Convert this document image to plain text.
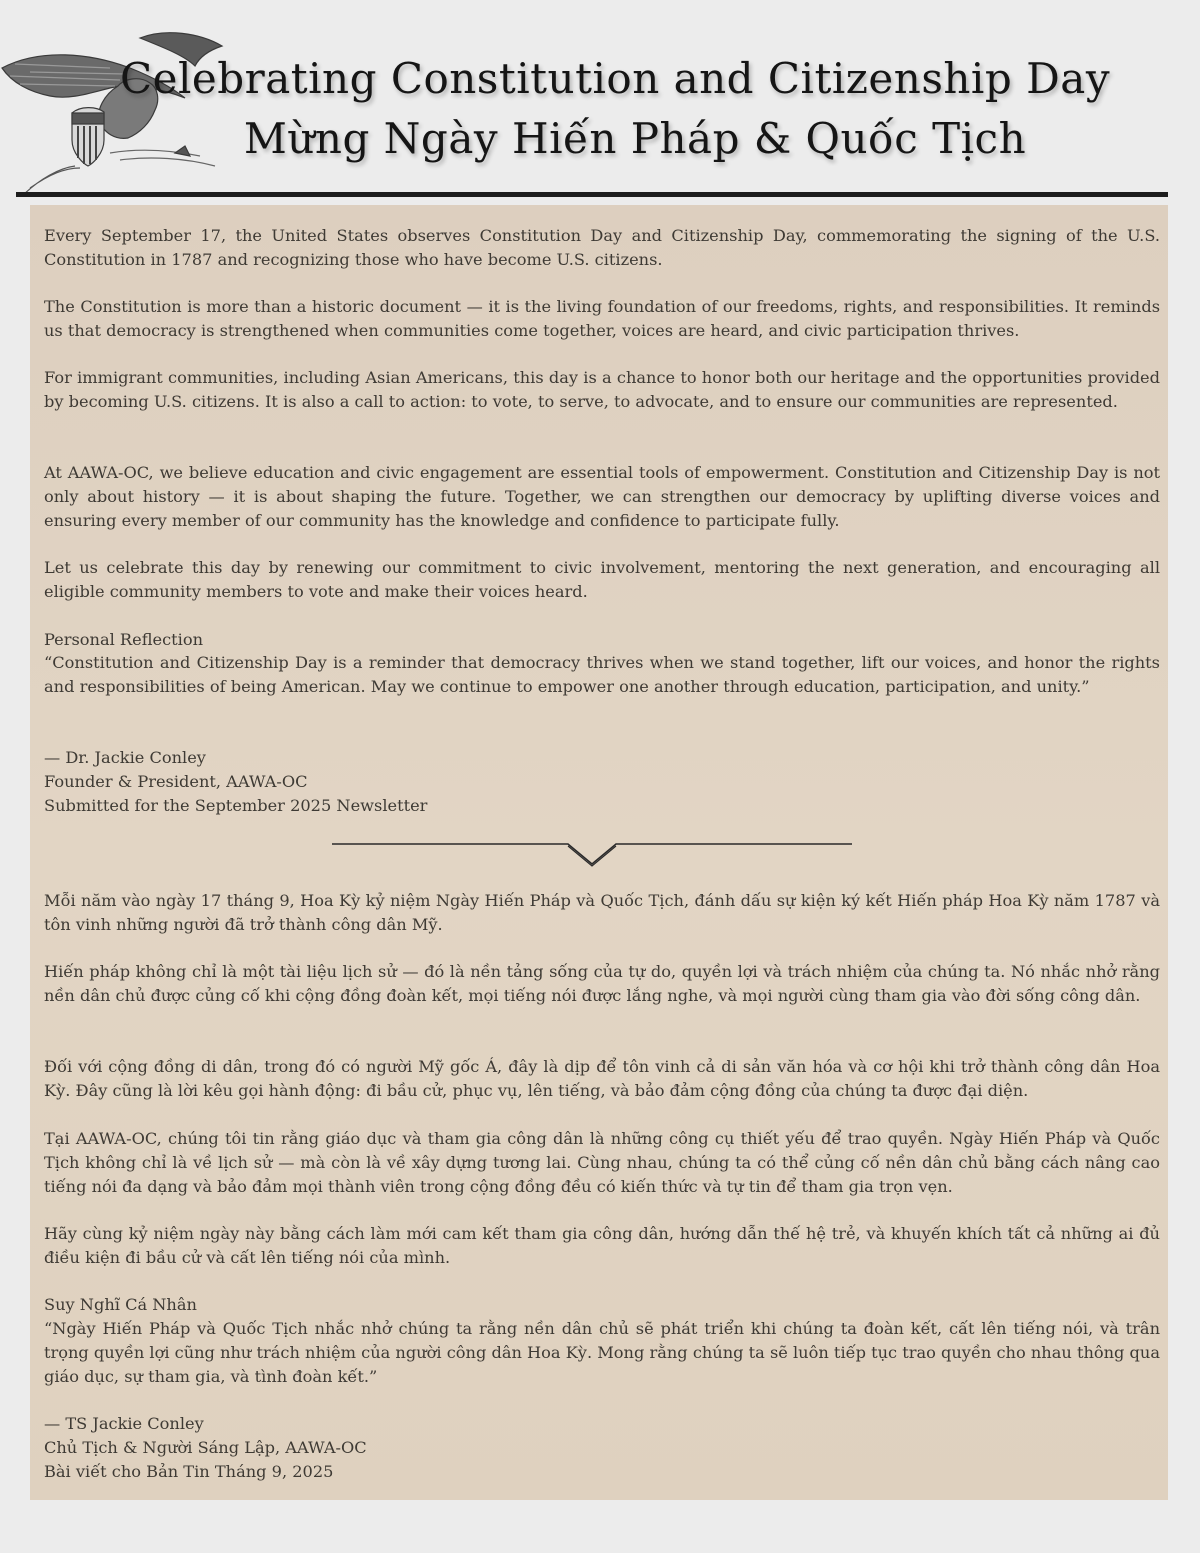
Celebrating Constitution and Citizenship Day
Mừng Ngày Hiến Pháp & Quốc Tịch

Every September 17, the United States observes Constitution Day and Citizenship Day, commemorating the signing of the U.S. Constitution in 1787 and recognizing those who have become U.S. citizens.

The Constitution is more than a historic document — it is the living foundation of our freedoms, rights, and responsibilities. It reminds us that democracy is strengthened when communities come together, voices are heard, and civic participation thrives.

For immigrant communities, including Asian Americans, this day is a chance to honor both our heritage and the opportunities provided by becoming U.S. citizens. It is also a call to action: to vote, to serve, to advocate, and to ensure our communities are represented.

At AAWA-OC, we believe education and civic engagement are essential tools of empowerment. Constitution and Citizenship Day is not only about history — it is about shaping the future. Together, we can strengthen our democracy by uplifting diverse voices and ensuring every member of our community has the knowledge and confidence to participate fully.

Let us celebrate this day by renewing our commitment to civic involvement, mentoring the next generation, and encouraging all eligible community members to vote and make their voices heard.

Personal Reflection

“Constitution and Citizenship Day is a reminder that democracy thrives when we stand together, lift our voices, and honor the rights and responsibilities of being American. May we continue to empower one another through education, participation, and unity.”

— Dr. Jackie Conley

Founder & President, AAWA-OC

Submitted for the September 2025 Newsletter

Mỗi năm vào ngày 17 tháng 9, Hoa Kỳ kỷ niệm Ngày Hiến Pháp và Quốc Tịch, đánh dấu sự kiện ký kết Hiến pháp Hoa Kỳ năm 1787 và tôn vinh những người đã trở thành công dân Mỹ.

Hiến pháp không chỉ là một tài liệu lịch sử — đó là nền tảng sống của tự do, quyền lợi và trách nhiệm của chúng ta. Nó nhắc nhở rằng nền dân chủ được củng cố khi cộng đồng đoàn kết, mọi tiếng nói được lắng nghe, và mọi người cùng tham gia vào đời sống công dân.

Đối với cộng đồng di dân, trong đó có người Mỹ gốc Á, đây là dịp để tôn vinh cả di sản văn hóa và cơ hội khi trở thành công dân Hoa Kỳ. Đây cũng là lời kêu gọi hành động: đi bầu cử, phục vụ, lên tiếng, và bảo đảm cộng đồng của chúng ta được đại diện.

Tại AAWA-OC, chúng tôi tin rằng giáo dục và tham gia công dân là những công cụ thiết yếu để trao quyền. Ngày Hiến Pháp và Quốc Tịch không chỉ là về lịch sử — mà còn là về xây dựng tương lai. Cùng nhau, chúng ta có thể củng cố nền dân chủ bằng cách nâng cao tiếng nói đa dạng và bảo đảm mọi thành viên trong cộng đồng đều có kiến thức và tự tin để tham gia trọn vẹn.

Hãy cùng kỷ niệm ngày này bằng cách làm mới cam kết tham gia công dân, hướng dẫn thế hệ trẻ, và khuyến khích tất cả những ai đủ điều kiện đi bầu cử và cất lên tiếng nói của mình.

Suy Nghĩ Cá Nhân

“Ngày Hiến Pháp và Quốc Tịch nhắc nhở chúng ta rằng nền dân chủ sẽ phát triển khi chúng ta đoàn kết, cất lên tiếng nói, và trân trọng quyền lợi cũng như trách nhiệm của người công dân Hoa Kỳ. Mong rằng chúng ta sẽ luôn tiếp tục trao quyền cho nhau thông qua giáo dục, sự tham gia, và tình đoàn kết.”

— TS Jackie Conley

Chủ Tịch & Người Sáng Lập, AAWA-OC

Bài viết cho Bản Tin Tháng 9, 2025
